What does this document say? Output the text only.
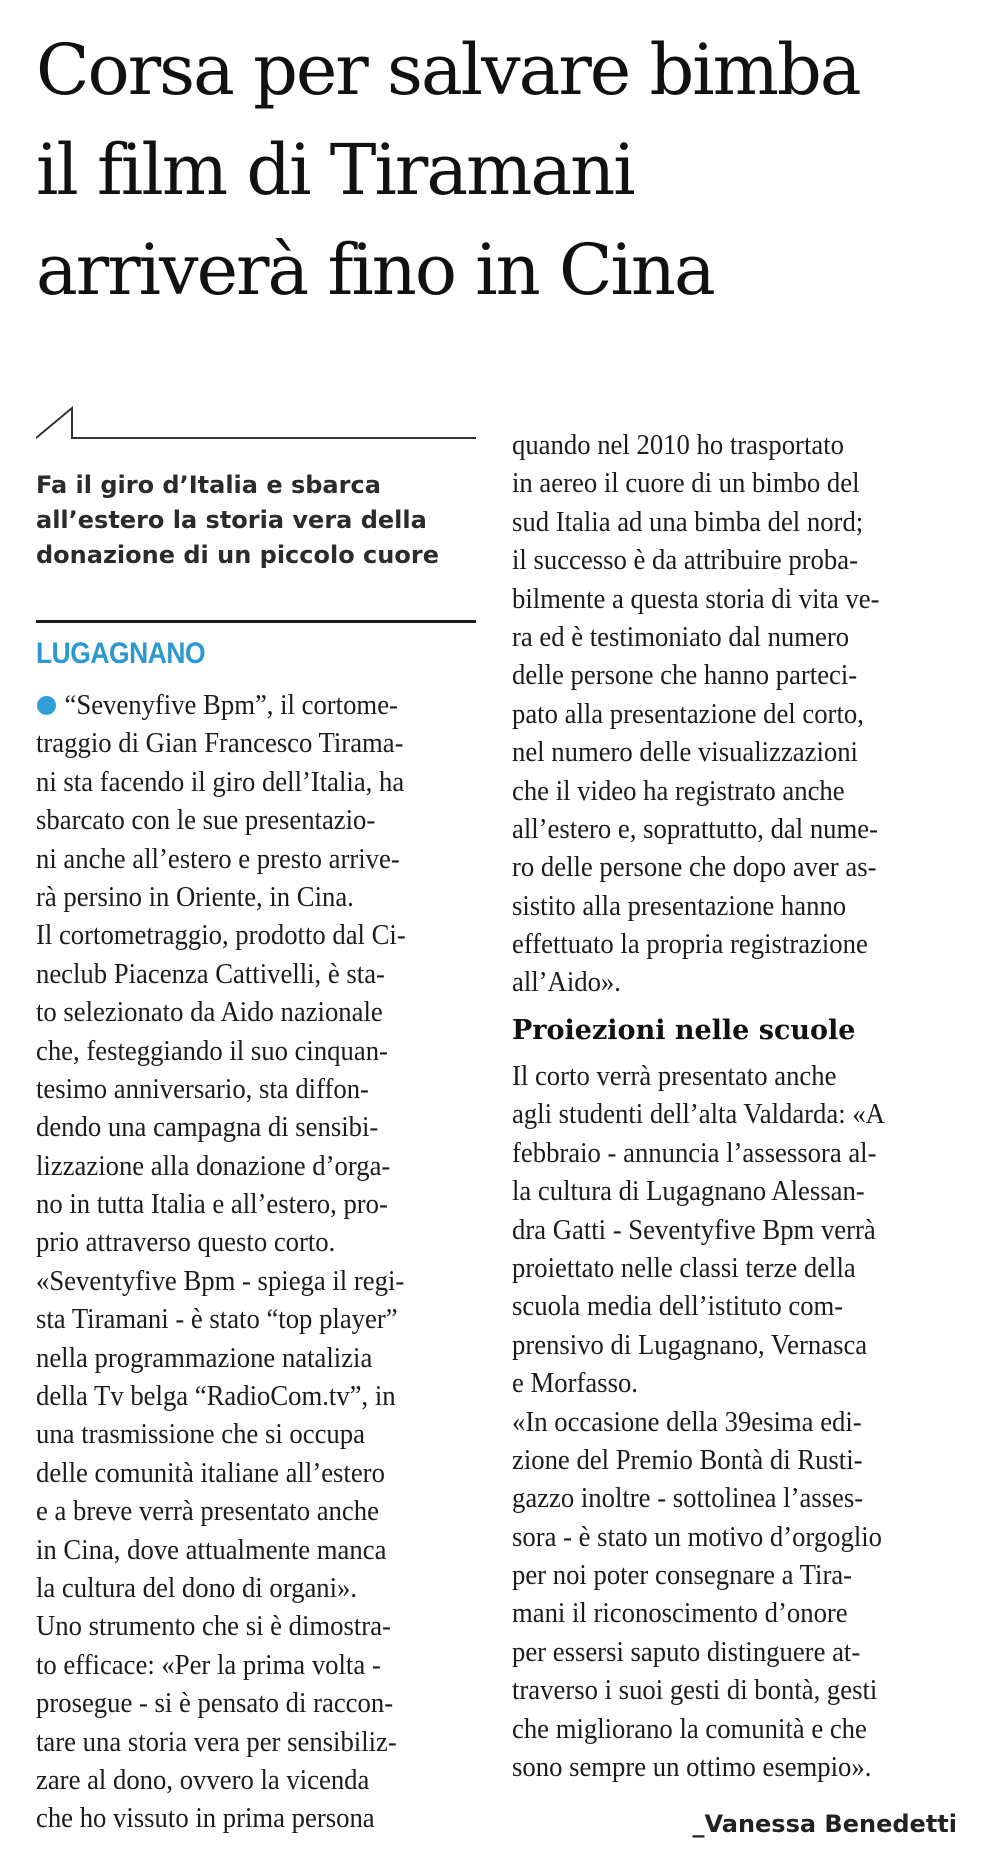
Corsa per salvare bimba
il film di Tiramani
arriverà fino in Cina

Fa il giro d’Italia e sbarca
all’estero la storia vera della
donazione di un piccolo cuore

LUGAGNANO
“Sevenyfive Bpm”, il cortome-
traggio di Gian Francesco Tirama-
ni sta facendo il giro dell’Italia, ha
sbarcato con le sue presentazio-
ni anche all’estero e presto arrive-
rà persino in Oriente, in Cina.
Il cortometraggio, prodotto dal Ci-
neclub Piacenza Cattivelli, è sta-
to selezionato da Aido nazionale
che, festeggiando il suo cinquan-
tesimo anniversario, sta diffon-
dendo una campagna di sensibi-
lizzazione alla donazione d’orga-
no in tutta Italia e all’estero, pro-
prio attraverso questo corto.
«Seventyfive Bpm - spiega il regi-
sta Tiramani - è stato “top player”
nella programmazione natalizia
della Tv belga “RadioCom.tv”, in
una trasmissione che si occupa
delle comunità italiane all’estero
e a breve verrà presentato anche
in Cina, dove attualmente manca
la cultura del dono di organi».
Uno strumento che si è dimostra-
to efficace: «Per la prima volta -
prosegue - si è pensato di raccon-
tare una storia vera per sensibiliz-
zare al dono, ovvero la vicenda
che ho vissuto in prima persona
quando nel 2010 ho trasportato
in aereo il cuore di un bimbo del
sud Italia ad una bimba del nord;
il successo è da attribuire proba-
bilmente a questa storia di vita ve-
ra ed è testimoniato dal numero
delle persone che hanno parteci-
pato alla presentazione del corto,
nel numero delle visualizzazioni
che il video ha registrato anche
all’estero e, soprattutto, dal nume-
ro delle persone che dopo aver as-
sistito alla presentazione hanno
effettuato la propria registrazione
all’Aido».
Proiezioni nelle scuole
Il corto verrà presentato anche
agli studenti dell’alta Valdarda: «A
febbraio - annuncia l’assessora al-
la cultura di Lugagnano Alessan-
dra Gatti - Seventyfive Bpm verrà
proiettato nelle classi terze della
scuola media dell’istituto com-
prensivo di Lugagnano, Vernasca
e Morfasso.
«In occasione della 39esima edi-
zione del Premio Bontà di Rusti-
gazzo inoltre - sottolinea l’asses-
sora - è stato un motivo d’orgoglio
per noi poter consegnare a Tira-
mani il riconoscimento d’onore
per essersi saputo distinguere at-
traverso i suoi gesti di bontà, gesti
che migliorano la comunità e che
sono sempre un ottimo esempio».
_Vanessa Benedetti
